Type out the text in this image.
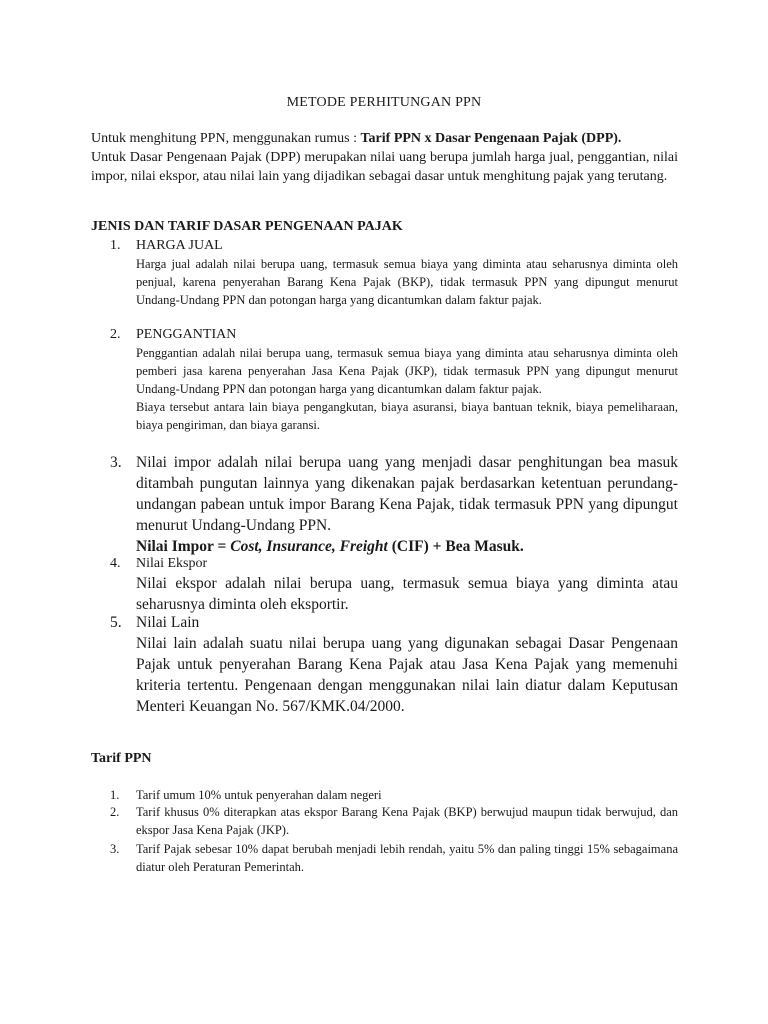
METODE PERHITUNGAN PPN
Untuk menghitung PPN, menggunakan rumus : Tarif PPN x Dasar Pengenaan Pajak (DPP).
Untuk Dasar Pengenaan Pajak (DPP) merupakan nilai uang berupa jumlah harga jual, penggantian, nilai impor, nilai ekspor, atau nilai lain yang dijadikan sebagai dasar untuk menghitung pajak yang terutang.
JENIS DAN TARIF DASAR PENGENAAN PAJAK
1. HARGA JUAL
Harga jual adalah nilai berupa uang, termasuk semua biaya yang diminta atau seharusnya diminta oleh penjual, karena penyerahan Barang Kena Pajak (BKP), tidak termasuk PPN yang dipungut menurut Undang-Undang PPN dan potongan harga yang dicantumkan dalam faktur pajak.
2. PENGGANTIAN
Penggantian adalah nilai berupa uang, termasuk semua biaya yang diminta atau seharusnya diminta oleh pemberi jasa karena penyerahan Jasa Kena Pajak (JKP), tidak termasuk PPN yang dipungut menurut Undang-Undang PPN dan potongan harga yang dicantumkan dalam faktur pajak.
Biaya tersebut antara lain biaya pengangkutan, biaya asuransi, biaya bantuan teknik, biaya pemeliharaan, biaya pengiriman, dan biaya garansi.
3. Nilai impor adalah nilai berupa uang yang menjadi dasar penghitungan bea masuk ditambah pungutan lainnya yang dikenakan pajak berdasarkan ketentuan perundang-undangan pabean untuk impor Barang Kena Pajak, tidak termasuk PPN yang dipungut menurut Undang-Undang PPN.
Nilai Impor = Cost, Insurance, Freight (CIF) + Bea Masuk.
4. Nilai Ekspor
Nilai ekspor adalah nilai berupa uang, termasuk semua biaya yang diminta atau seharusnya diminta oleh eksportir.
5. Nilai Lain
Nilai lain adalah suatu nilai berupa uang yang digunakan sebagai Dasar Pengenaan Pajak untuk penyerahan Barang Kena Pajak atau Jasa Kena Pajak yang memenuhi kriteria tertentu. Pengenaan dengan menggunakan nilai lain diatur dalam Keputusan Menteri Keuangan No. 567/KMK.04/2000.
Tarif PPN
1. Tarif umum 10% untuk penyerahan dalam negeri
2. Tarif khusus 0% diterapkan atas ekspor Barang Kena Pajak (BKP) berwujud maupun tidak berwujud, dan ekspor Jasa Kena Pajak (JKP).
3. Tarif Pajak sebesar 10% dapat berubah menjadi lebih rendah, yaitu 5% dan paling tinggi 15% sebagaimana diatur oleh Peraturan Pemerintah.
